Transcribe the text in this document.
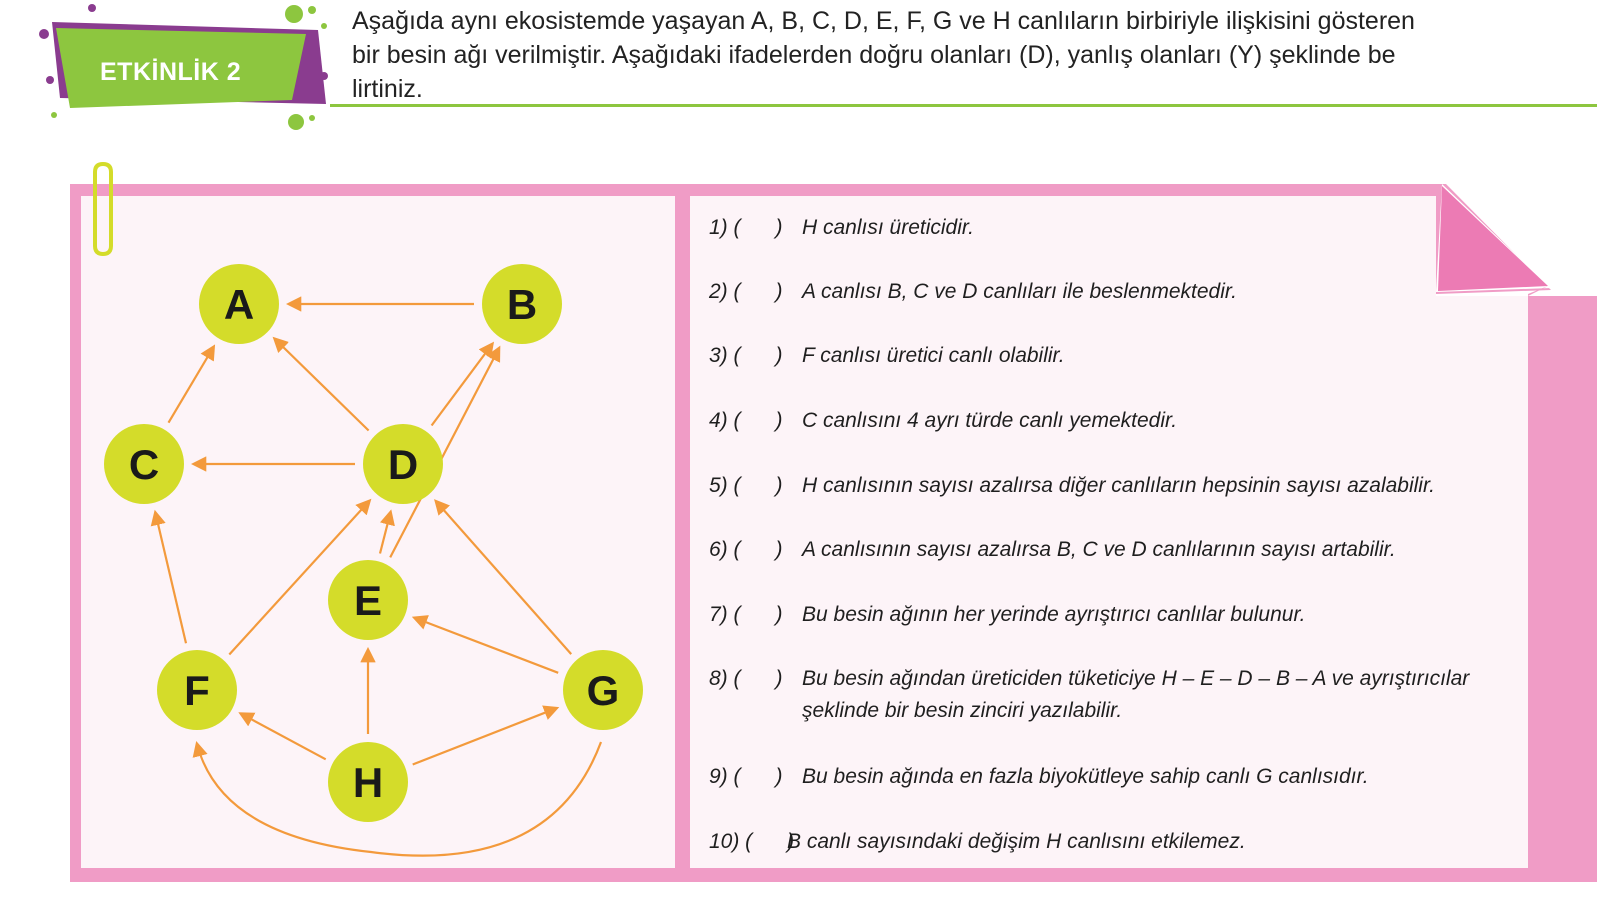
ETKİNLİK 2
Aşağıda aynı ekosistemde yaşayan A, B, C, D, E, F, G ve H canlıların birbiriyle ilişkisini gösteren
bir besin ağı verilmiştir. Aşağıdaki ifadelerden doğru olanları (D), yanlış olanları (Y) şeklinde be
lirtiniz.
A	B
C	D
E
F	G
H
1) (      ) H canlısı üreticidir.
2) (      ) A canlısı B, C ve D canlıları ile beslenmektedir.
3) (      ) F canlısı üretici canlı olabilir.
4) (      ) C canlısını 4 ayrı türde canlı yemektedir.
5) (      ) H canlısının sayısı azalırsa diğer canlıların hepsinin sayısı azalabilir.
6) (      ) A canlısının sayısı azalırsa B, C ve D canlılarının sayısı artabilir.
7) (      ) Bu besin ağının her yerinde ayrıştırıcı canlılar bulunur.
8) (      ) Bu besin ağından üreticiden tüketiciye H – E – D – B – A ve ayrıştırıcılar
şeklinde bir besin zinciri yazılabilir.
9) (      ) Bu besin ağında en fazla biyokütleye sahip canlı G canlısıdır.
10) (      )
B canlı sayısındaki değişim H canlısını etkilemez.
